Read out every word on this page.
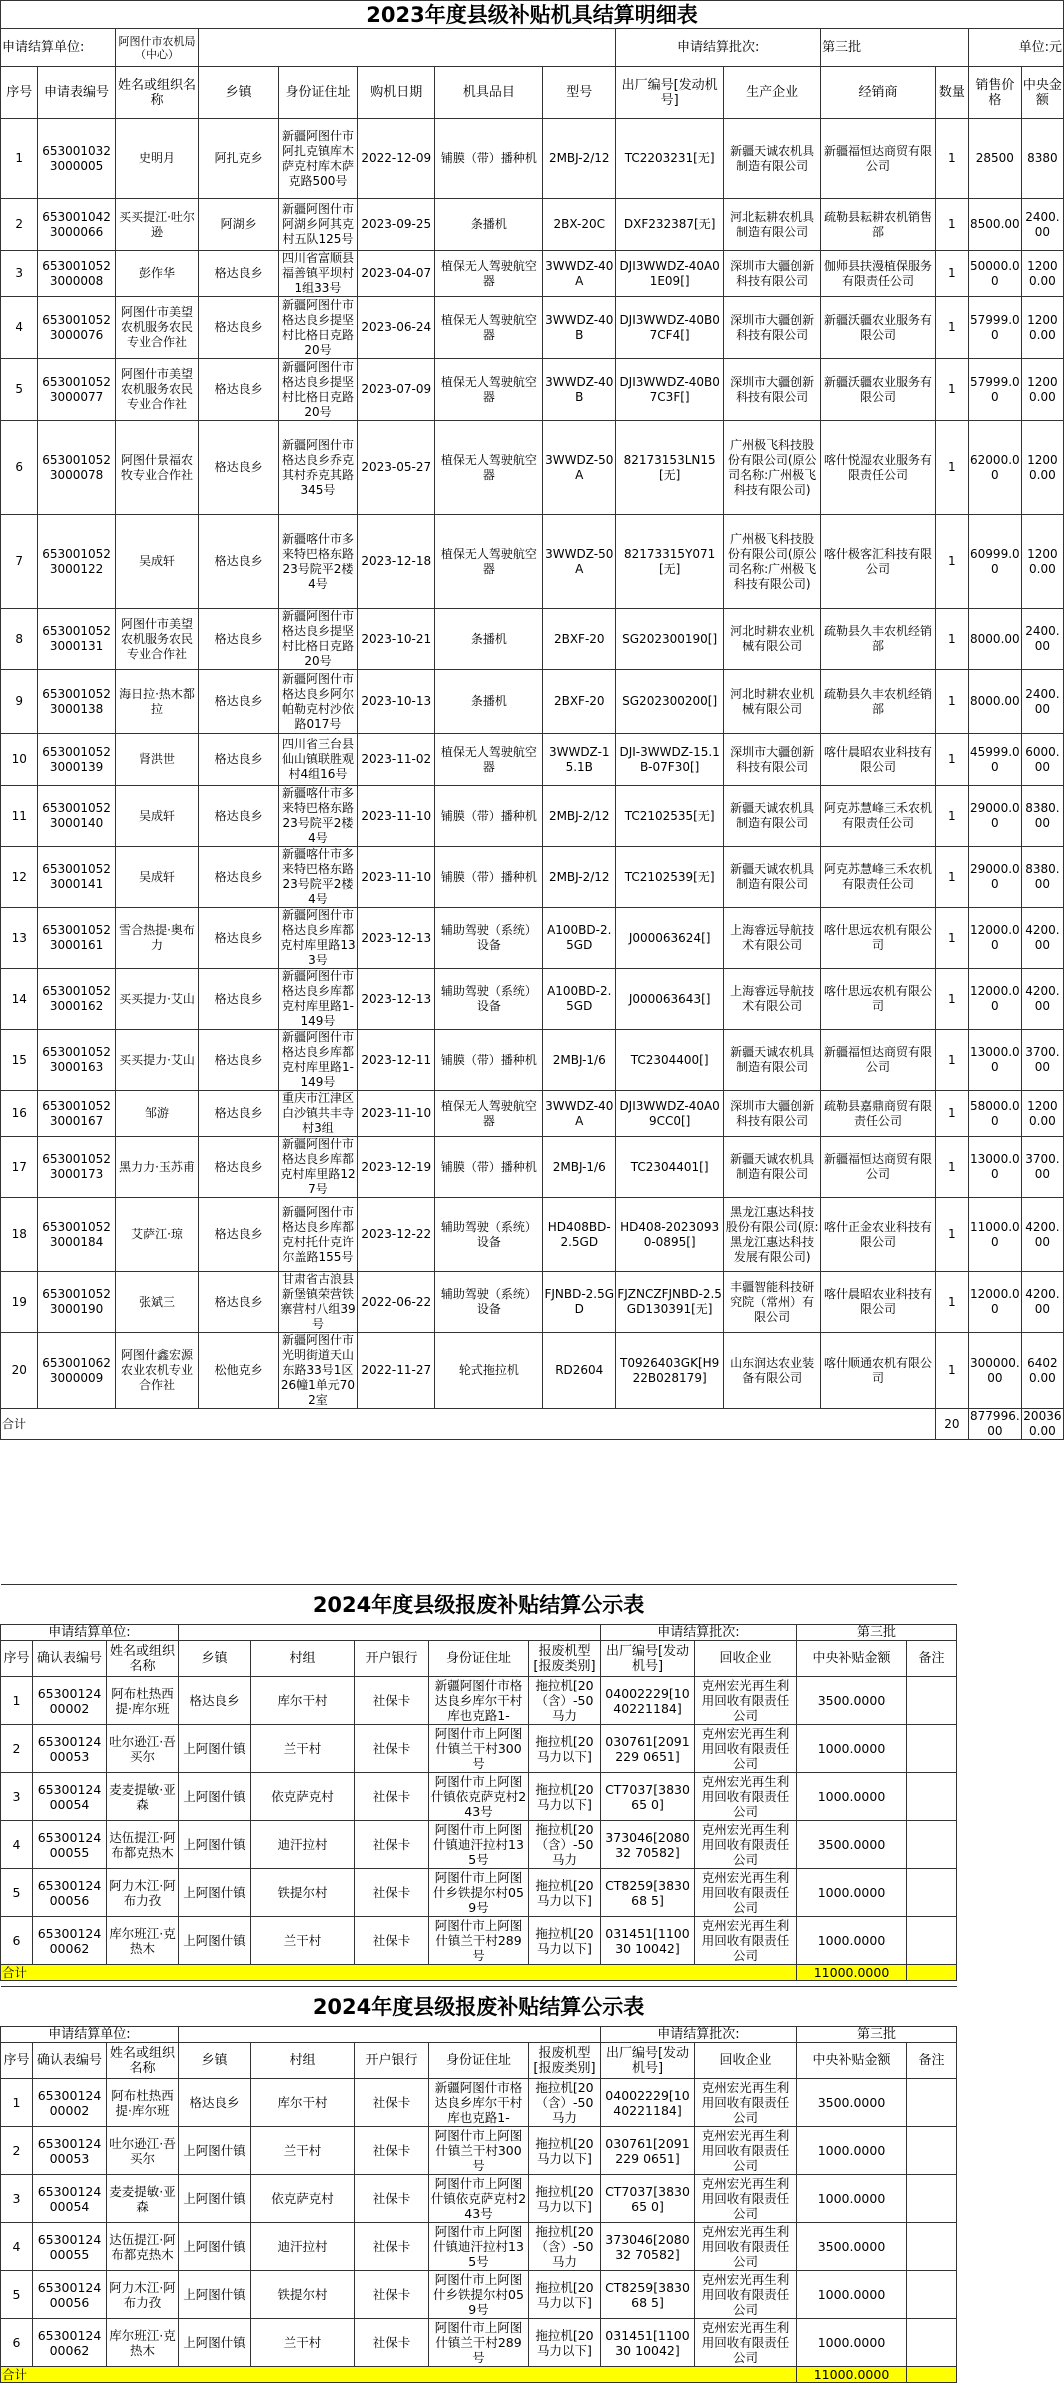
2023年度县级补贴机具结算明细表													
申请结算单位:		阿图什市农机局（中心）						申请结算批次:		第三批		单位:元	
序号	申请表编号	姓名或组织名称	乡镇	身份证住址	购机日期	机具品目	型号	出厂编号[发动机号]	生产企业	经销商	数量	销售价格	中央金额
1	6530010323000005	史明月	阿扎克乡	新疆阿图什市阿扎克镇库木萨克村库木萨克路500号	2022-12-09	铺膜（带）播种机	2MBJ-2/12	TC2203231[无]	新疆天诚农机具制造有限公司	新疆福恒达商贸有限公司	1	28500	8380
2	6530010423000066	买买提江·吐尔逊	阿湖乡	新疆阿图什市阿湖乡阿其克村五队125号	2023-09-25	条播机	2BX-20C	DXF232387[无]	河北耘耕农机具制造有限公司	疏勒县耘耕农机销售部	1	8500.00	2400.00
3	6530010523000008	彭作华	格达良乡	四川省富顺县福善镇平坝村1组33号	2023-04-07	植保无人驾驶航空器	3WWDZ-40A	DJI3WWDZ-40A01E09[]	深圳市大疆创新科技有限公司	伽师县扶漫植保服务有限责任公司	1	50000.00	12000.00
4	6530010523000076	阿图什市美望农机服务农民专业合作社	格达良乡	新疆阿图什市格达良乡提坚村比格日克路20号	2023-06-24	植保无人驾驶航空器	3WWDZ-40B	DJI3WWDZ-40B07CF4[]	深圳市大疆创新科技有限公司	新疆沃疆农业服务有限公司	1	57999.00	12000.00
5	6530010523000077	阿图什市美望农机服务农民专业合作社	格达良乡	新疆阿图什市格达良乡提坚村比格日克路20号	2023-07-09	植保无人驾驶航空器	3WWDZ-40B	DJI3WWDZ-40B07C3F[]	深圳市大疆创新科技有限公司	新疆沃疆农业服务有限公司	1	57999.00	12000.00
6	6530010523000078	阿图什景福农牧专业合作社	格达良乡	新疆阿图什市格达良乡乔克其村乔克其路345号	2023-05-27	植保无人驾驶航空器	3WWDZ-50A	82173153LN15[无]	广州极飞科技股份有限公司(原公司名称:广州极飞科技有限公司)	喀什悦湿农业服务有限责任公司	1	62000.00	12000.00
7	6530010523000122	吴成轩	格达良乡	新疆喀什市多来特巴格东路23号院平2楼4号	2023-12-18	植保无人驾驶航空器	3WWDZ-50A	82173315Y071[无]	广州极飞科技股份有限公司(原公司名称:广州极飞科技有限公司)	喀什极客汇科技有限公司	1	60999.00	12000.00
8	6530010523000131	阿图什市美望农机服务农民专业合作社	格达良乡	新疆阿图什市格达良乡提坚村比格日克路20号	2023-10-21	条播机	2BXF-20	SG202300190[]	河北时耕农业机械有限公司	疏勒县久丰农机经销部	1	8000.00	2400.00
9	6530010523000138	海日拉·热木都拉	格达良乡	新疆阿图什市格达良乡阿尔帕勒克村沙依路017号	2023-10-13	条播机	2BXF-20	SG202300200[]	河北时耕农业机械有限公司	疏勒县久丰农机经销部	1	8000.00	2400.00
10	6530010523000139	肾洪世	格达良乡	四川省三台县仙山镇联胜观村4组16号	2023-11-02	植保无人驾驶航空器	3WWDZ-15.1B	DJI-3WWDZ-15.1B-07F30[]	深圳市大疆创新科技有限公司	喀什晨昭农业科技有限公司	1	45999.00	6000.00
11	6530010523000140	吴成轩	格达良乡	新疆喀什市多来特巴格东路23号院平2楼4号	2023-11-10	铺膜（带）播种机	2MBJ-2/12	TC2102535[无]	新疆天诚农机具制造有限公司	阿克苏慧峰三禾农机有限责任公司	1	29000.00	8380.00
12	6530010523000141	吴成轩	格达良乡	新疆喀什市多来特巴格东路23号院平2楼4号	2023-11-10	铺膜（带）播种机	2MBJ-2/12	TC2102539[无]	新疆天诚农机具制造有限公司	阿克苏慧峰三禾农机有限责任公司	1	29000.00	8380.00
13	6530010523000161	雪合热提·奥布力	格达良乡	新疆阿图什市格达良乡库都克村库里路133号	2023-12-13	辅助驾驶（系统）设备	A100BD-2.5GD	J000063624[]	上海睿远导航技术有限公司	喀什思远农机有限公司	1	12000.00	4200.00
14	6530010523000162	买买提力·艾山	格达良乡	新疆阿图什市格达良乡库都克村库里路1-149号	2023-12-13	辅助驾驶（系统）设备	A100BD-2.5GD	J000063643[]	上海睿远导航技术有限公司	喀什思远农机有限公司	1	12000.00	4200.00
15	6530010523000163	买买提力·艾山	格达良乡	新疆阿图什市格达良乡库都克村库里路1-149号	2023-12-11	铺膜（带）播种机	2MBJ-1/6	TC2304400[]	新疆天诚农机具制造有限公司	新疆福恒达商贸有限公司	1	13000.00	3700.00
16	6530010523000167	邹游	格达良乡	重庆市江津区白沙镇共丰寺村3组	2023-11-10	植保无人驾驶航空器	3WWDZ-40A	DJI3WWDZ-40A09CC0[]	深圳市大疆创新科技有限公司	疏勒县嘉鼎商贸有限责任公司	1	58000.00	12000.00
17	6530010523000173	黑力力·玉苏甫	格达良乡	新疆阿图什市格达良乡库都克村库里路127号	2023-12-19	铺膜（带）播种机	2MBJ-1/6	TC2304401[]	新疆天诚农机具制造有限公司	新疆福恒达商贸有限公司	1	13000.00	3700.00
18	6530010523000184	艾萨江·琼	格达良乡	新疆阿图什市格达良乡库都克村托什克许尔盖路155号	2023-12-22	辅助驾驶（系统）设备	HD408BD-2.5GD	HD408-20230930-0895[]	黑龙江惠达科技股份有限公司(原:黑龙江惠达科技发展有限公司)	喀什正金农业科技有限公司	1	11000.00	4200.00
19	6530010523000190	张斌三	格达良乡	甘肃省古浪县新堡镇荣营铁寨营村八组39号	2022-06-22	辅助驾驶（系统）设备	FJNBD-2.5GD	FJZNCZFJNBD-2.5GD130391[无]	丰疆智能科技研究院（常州）有限公司	喀什晨昭农业科技有限公司	1	12000.00	4200.00
20	6530010623000009	阿图什鑫宏源农业农机专业合作社	松他克乡	新疆阿图什市光明街道天山东路33号1区26幢1单元702室	2022-11-27	轮式拖拉机	RD2604	T0926403GK[H922B028179]	山东润达农业装备有限公司	喀什顺通农机有限公司	1	300000.00	64020.00
合计											20	877996.00	200360.00
2024年度县级报废补贴结算公示表												
申请结算单位:								申请结算批次:		第三批		
序号	确认表编号	姓名或组织名称	乡镇	村组	开户银行	身份证住址	报废机型[报废类别]	出厂编号[发动机号]	回收企业	中央补贴金额	备注	
1	6530012400002	阿布杜热西提·库尔班	格达良乡	库尔干村	社保卡	新疆阿图什市格达良乡库尔干村库也克路1-	拖拉机[20（含）-50马力	04002229[1040221184]	克州宏光再生利用回收有限责任公司	3500.0000		
2	6530012400053	吐尔逊江·吾买尔	上阿图什镇	兰干村	社保卡	阿图什市上阿图什镇兰干村300号	拖拉机[20马力以下]	030761[2091229 0651]	克州宏光再生利用回收有限责任公司	1000.0000		
3	6530012400054	麦麦提敏·亚森	上阿图什镇	依克萨克村	社保卡	阿图什市上阿图什镇依克萨克村243号	拖拉机[20马力以下]	CT7037[383065 0]	克州宏光再生利用回收有限责任公司	1000.0000		
4	6530012400055	达伍提江·阿布都克热木	上阿图什镇	迪汗拉村	社保卡	阿图什市上阿图什镇迪汗拉村135号	拖拉机[20（含）-50马力	373046[208032 70582]	克州宏光再生利用回收有限责任公司	3500.0000		
5	6530012400056	阿力木江·阿布力孜	上阿图什镇	铁提尔村	社保卡	阿图什市上阿图什乡铁提尔村059号	拖拉机[20马力以下]	CT8259[383068 5]	克州宏光再生利用回收有限责任公司	1000.0000		
6	6530012400062	库尔班江·克热木	上阿图什镇	兰干村	社保卡	阿图什市上阿图什镇兰干村289号	拖拉机[20马力以下]	031451[110030 10042]	克州宏光再生利用回收有限责任公司	1000.0000		
合计										11000.0000		
2024年度县级报废补贴结算公示表												
申请结算单位:								申请结算批次:		第三批		
序号	确认表编号	姓名或组织名称	乡镇	村组	开户银行	身份证住址	报废机型[报废类别]	出厂编号[发动机号]	回收企业	中央补贴金额	备注	
1	6530012400002	阿布杜热西提·库尔班	格达良乡	库尔干村	社保卡	新疆阿图什市格达良乡库尔干村库也克路1-	拖拉机[20（含）-50马力	04002229[1040221184]	克州宏光再生利用回收有限责任公司	3500.0000		
2	6530012400053	吐尔逊江·吾买尔	上阿图什镇	兰干村	社保卡	阿图什市上阿图什镇兰干村300号	拖拉机[20马力以下]	030761[2091229 0651]	克州宏光再生利用回收有限责任公司	1000.0000		
3	6530012400054	麦麦提敏·亚森	上阿图什镇	依克萨克村	社保卡	阿图什市上阿图什镇依克萨克村243号	拖拉机[20马力以下]	CT7037[383065 0]	克州宏光再生利用回收有限责任公司	1000.0000		
4	6530012400055	达伍提江·阿布都克热木	上阿图什镇	迪汗拉村	社保卡	阿图什市上阿图什镇迪汗拉村135号	拖拉机[20（含）-50马力	373046[208032 70582]	克州宏光再生利用回收有限责任公司	3500.0000		
5	6530012400056	阿力木江·阿布力孜	上阿图什镇	铁提尔村	社保卡	阿图什市上阿图什乡铁提尔村059号	拖拉机[20马力以下]	CT8259[383068 5]	克州宏光再生利用回收有限责任公司	1000.0000		
6	6530012400062	库尔班江·克热木	上阿图什镇	兰干村	社保卡	阿图什市上阿图什镇兰干村289号	拖拉机[20马力以下]	031451[110030 10042]	克州宏光再生利用回收有限责任公司	1000.0000		
合计										11000.0000		
